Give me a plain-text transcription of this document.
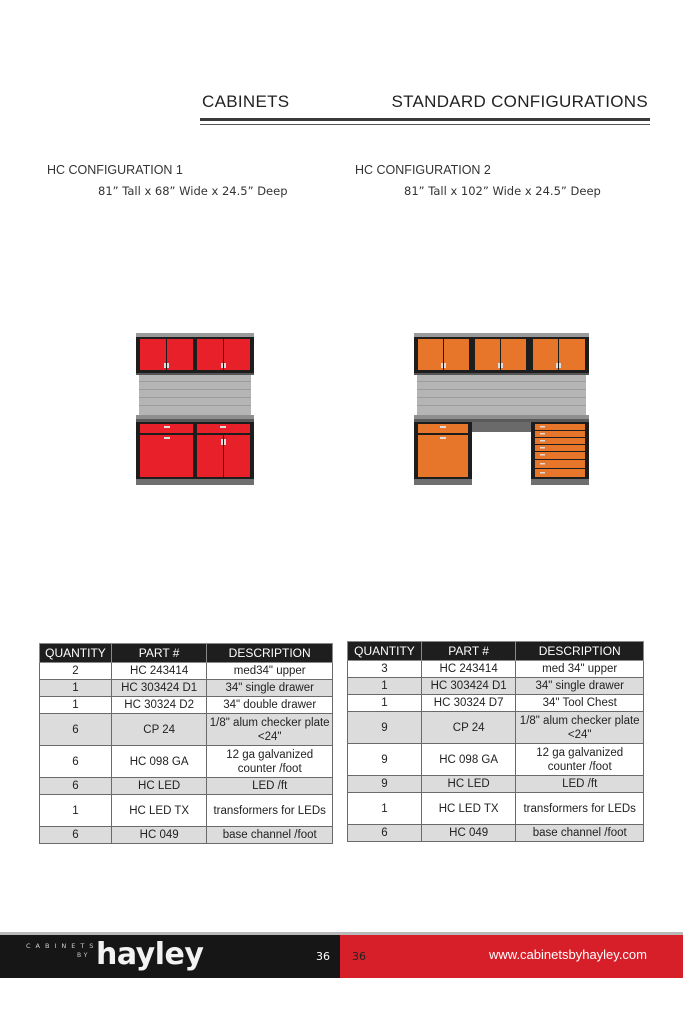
CABINETS	STANDARD CONFIGURATIONS
HC CONFIGURATION 1
81” Tall x 68” Wide x 24.5” Deep
HC CONFIGURATION 2
81” Tall x 102” Wide x 24.5” Deep
QUANTITY	PART #	DESCRIPTION
2	HC 243414	med34" upper
1	HC 303424 D1	34" single drawer
1	HC 30324 D2	34" double drawer
6	CP 24	1/8" alum checker plate <24"
6	HC 098 GA	12 ga galvanized counter /foot
6	HC LED	LED /ft
1	HC LED TX	transformers for LEDs
6	HC 049	base channel /foot
QUANTITY	PART #	DESCRIPTION
3	HC 243414	med 34" upper
1	HC 303424 D1	34" single drawer
1	HC 30324 D7	34" Tool Chest
9	CP 24	1/8" alum checker plate <24"
9	HC 098 GA	12 ga galvanized counter /foot
9	HC LED	LED /ft
1	HC LED TX	transformers for LEDs
6	HC 049	base channel /foot
CABINETS
BY hayley	36 36	www.cabinetsbyhayley.com
